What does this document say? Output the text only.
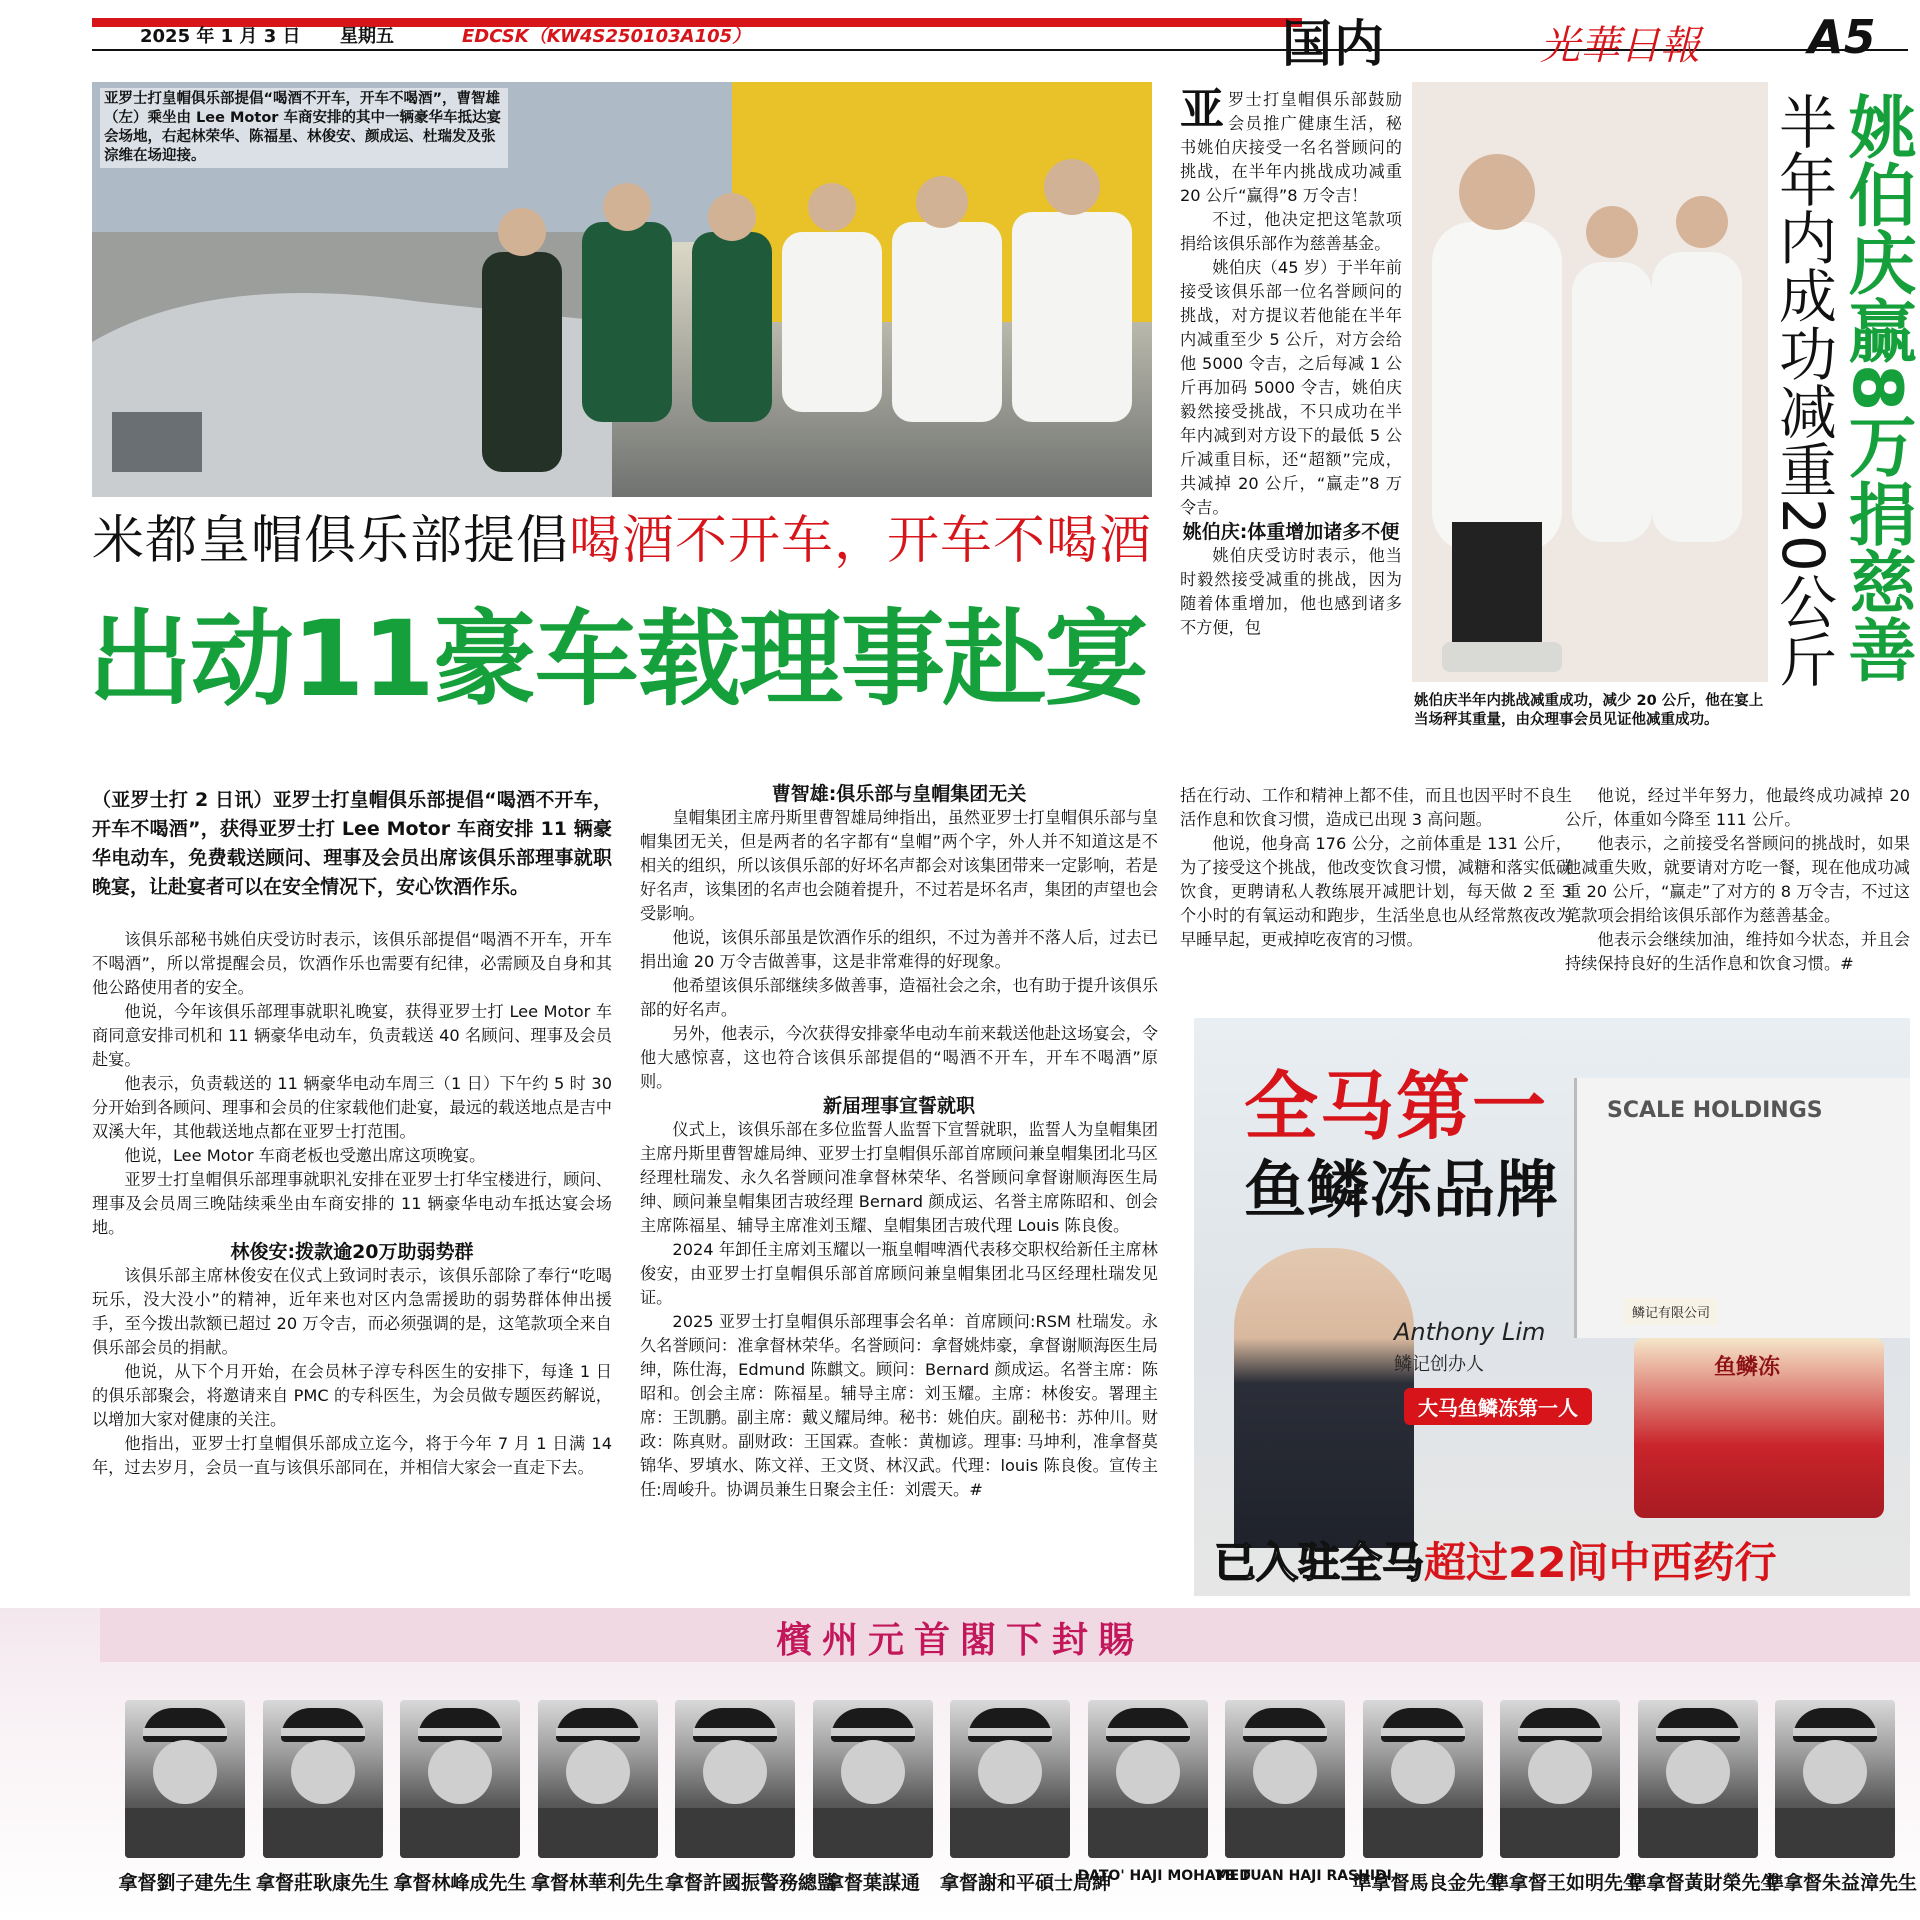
2025 年 1 月 3 日 星期五	EDCSK（KW4S250103A105）	国内	光華日報 A5
亚罗士打皇帽俱乐部提倡“喝酒不开车，开车不喝酒”，曹智雄（左）乘坐由 Lee Motor 车商安排的其中一辆豪华车抵达宴会场地，右起林荣华、陈福星、林俊安、颜成运、杜瑞发及张淙维在场迎接。
米都皇帽俱乐部提倡喝酒不开车，开车不喝酒
出动11豪车载理事赴宴
（亚罗士打 2 日讯）亚罗士打皇帽俱乐部提倡“喝酒不开车，开车不喝酒”，获得亚罗士打 Lee Motor 车商安排 11 辆豪华电动车，免费载送顾问、理事及会员出席该俱乐部理事就职晚宴，让赴宴者可以在安全情况下，安心饮酒作乐。

该俱乐部秘书姚伯庆受访时表示，该俱乐部提倡“喝酒不开车，开车不喝酒”，所以常提醒会员，饮酒作乐也需要有纪律，必需顾及自身和其他公路使用者的安全。

他说，今年该俱乐部理事就职礼晚宴，获得亚罗士打 Lee Motor 车商同意安排司机和 11 辆豪华电动车，负责载送 40 名顾问、理事及会员赴宴。

他表示，负责载送的 11 辆豪华电动车周三（1 日）下午约 5 时 30 分开始到各顾问、理事和会员的住家载他们赴宴，最远的载送地点是吉中双溪大年，其他载送地点都在亚罗士打范围。

他说，Lee Motor 车商老板也受邀出席这项晚宴。

亚罗士打皇帽俱乐部理事就职礼安排在亚罗士打华宝楼进行，顾问、理事及会员周三晚陆续乘坐由车商安排的 11 辆豪华电动车抵达宴会场地。

林俊安:拨款逾20万助弱势群

该俱乐部主席林俊安在仪式上致词时表示，该俱乐部除了奉行“吃喝玩乐，没大没小”的精神，近年来也对区内急需援助的弱势群体伸出援手，至今拨出款额已超过 20 万令吉，而必须强调的是，这笔款项全来自俱乐部会员的捐献。

他说，从下个月开始，在会员林子淳专科医生的安排下，每逢 1 日的俱乐部聚会，将邀请来自 PMC 的专科医生，为会员做专题医药解说，以增加大家对健康的关注。

他指出，亚罗士打皇帽俱乐部成立迄今，将于今年 7 月 1 日满 14 年，过去岁月，会员一直与该俱乐部同在，并相信大家会一直走下去。

曹智雄:俱乐部与皇帽集团无关

皇帽集团主席丹斯里曹智雄局绅指出，虽然亚罗士打皇帽俱乐部与皇帽集团无关，但是两者的名字都有“皇帽”两个字，外人并不知道这是不相关的组织，所以该俱乐部的好坏名声都会对该集团带来一定影响，若是好名声，该集团的名声也会随着提升，不过若是坏名声，集团的声望也会受影响。

他说，该俱乐部虽是饮酒作乐的组织，不过为善并不落人后，过去已捐出逾 20 万令吉做善事，这是非常难得的好现象。

他希望该俱乐部继续多做善事，造福社会之余，也有助于提升该俱乐部的好名声。

另外，他表示，今次获得安排豪华电动车前来载送他赴这场宴会，令他大感惊喜，这也符合该俱乐部提倡的“喝酒不开车，开车不喝酒”原则。

新届理事宣誓就职

仪式上，该俱乐部在多位监誓人监誓下宣誓就职，监誓人为皇帽集团主席丹斯里曹智雄局绅、亚罗士打皇帽俱乐部首席顾问兼皇帽集团北马区经理杜瑞发、永久名誉顾问准拿督林荣华、名誉顾问拿督谢顺海医生局绅、顾问兼皇帽集团吉玻经理 Bernard 颜成运、名誉主席陈昭和、创会主席陈福星、辅导主席准刘玉耀、皇帽集团吉玻代理 Louis 陈良俊。

2024 年卸任主席刘玉耀以一瓶皇帽啤酒代表移交职权给新任主席林俊安，由亚罗士打皇帽俱乐部首席顾问兼皇帽集团北马区经理杜瑞发见证。

2025 亚罗士打皇帽俱乐部理事会名单：首席顾问:RSM 杜瑞发。永久名誉顾问：准拿督林荣华。名誉顾问：拿督姚炜豪，拿督谢顺海医生局绅，陈仕海，Edmund 陈麒文。顾问：Bernard 颜成运。名誉主席：陈昭和。创会主席：陈福星。辅导主席：刘玉耀。主席：林俊安。署理主席：王凯鹏。副主席：戴义耀局绅。秘书：姚伯庆。副秘书：苏仲川。财政：陈真财。副财政：王国霖。查帐：黄枷谚。理事: 马坤利，准拿督莫锦华、罗填水、陈文祥、王文贤、林汉武。代理：louis 陈良俊。宣传主任:周峻升。协调员兼生日聚会主任：刘震天。#

亚罗士打皇帽俱乐部鼓励会员推广健康生活，秘书姚伯庆接受一名名誉顾问的挑战，在半年内挑战成功减重 20 公斤“赢得”8 万令吉！

不过，他决定把这笔款项捐给该俱乐部作为慈善基金。

姚伯庆（45 岁）于半年前接受该俱乐部一位名誉顾问的挑战，对方提议若他能在半年内减重至少 5 公斤，对方会给他 5000 令吉，之后每减 1 公斤再加码 5000 令吉，姚伯庆毅然接受挑战，不只成功在半年内减到对方设下的最低 5 公斤减重目标，还“超额”完成，共减掉 20 公斤，“赢走”8 万令吉。

姚伯庆:体重增加诸多不便

姚伯庆受访时表示，他当时毅然接受减重的挑战，因为随着体重增加，他也感到诸多不方便，包

姚伯庆半年内挑战减重成功，减少 20 公斤，他在宴上当场秤其重量，由众理事会员见证他减重成功。
姚伯庆赢8万捐慈善
半年内成功减重20公斤

括在行动、工作和精神上都不佳，而且也因平时不良生活作息和饮食习惯，造成已出现 3 高问题。

他说，他身高 176 公分，之前体重是 131 公斤，为了接受这个挑战，他改变饮食习惯，减糖和落实低碳饮食，更聘请私人教练展开减肥计划，每天做 2 至 3 个小时的有氧运动和跑步，生活坐息也从经常熬夜改为早睡早起，更戒掉吃夜宵的习惯。

他说，经过半年努力，他最终成功减掉 20 公斤，体重如今降至 111 公斤。

他表示，之前接受名誉顾问的挑战时，如果他减重失败，就要请对方吃一餐，现在他成功减重 20 公斤，“赢走”了对方的 8 万令吉，不过这笔款项会捐给该俱乐部作为慈善基金。

他表示会继续加油，维持如今状态，并且会持续保持良好的生活作息和饮食习惯。#

SCALE HOLDINGS
全马第一
鱼鳞冻品牌
鳞记有限公司
Anthony Lim
鳞记创办人
大马鱼鳞冻第一人
鱼鳞冻
已入驻全马超过22间中西药行
檳州元首閣下封賜
拿督劉子建先生 拿督莊耿康先生 拿督林峰成先生 拿督林華利先生 拿督許國振警務總監
拿督葉謀通	拿督謝和平碩士局紳
DATO' HAJI MOHAMED
YB TUAN HAJI RASHIDI
準拿督馬良金先生
準拿督王如明先生
準拿督黃財榮先生
準拿督朱益漳先生
